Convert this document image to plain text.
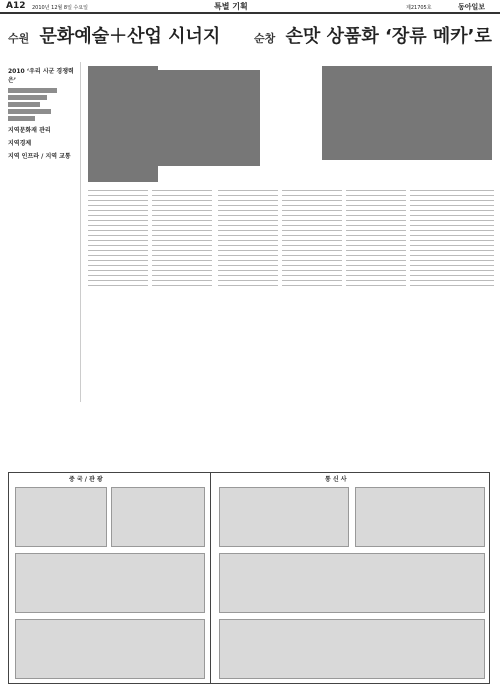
A12 2010년 12월 8일 수요일	특별 기획	제21705호	동아일보
수원 문화예술＋산업 시너지	순창 손맛 상품화 ‘장류 메카’로
2010 ‘우리 시군 경쟁력은’
지역문화재 관리
지역경제
지역 인프라 / 지역 교통

중 국 / 관 광	통 신 사
